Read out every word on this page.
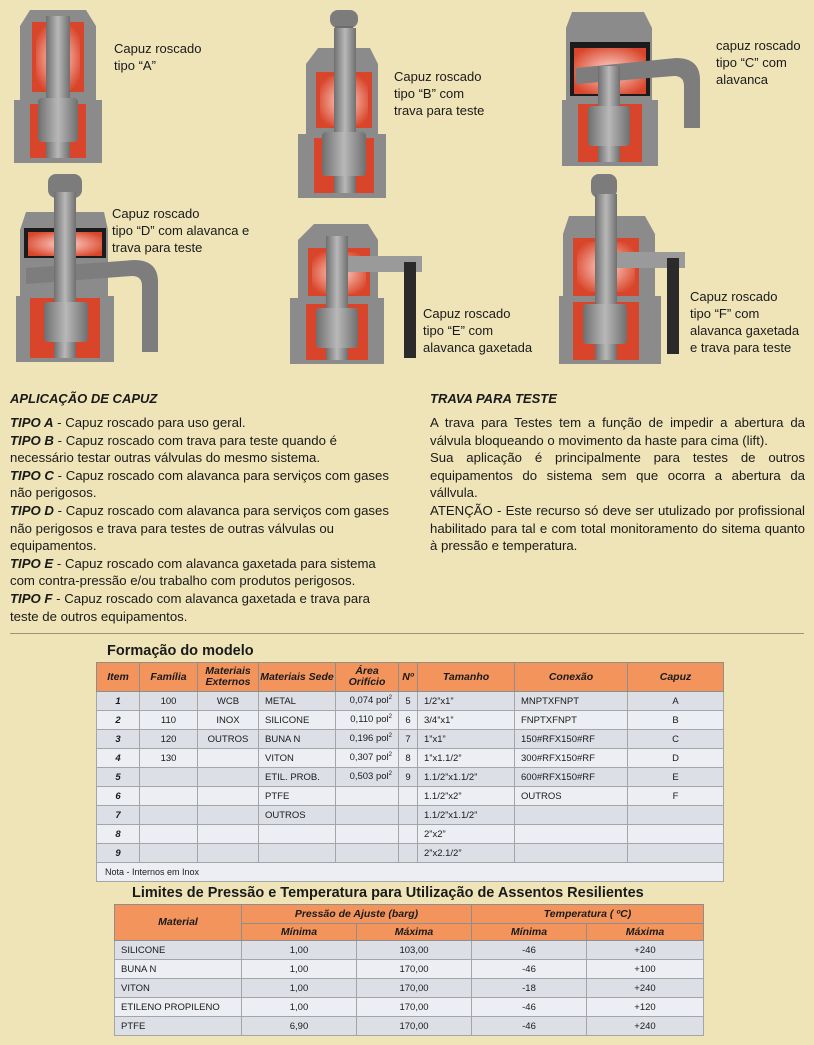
Capuz roscado
tipo “A”
Capuz roscado
tipo “B” com
trava para teste
capuz roscado
tipo “C” com
alavanca
Capuz roscado
tipo “D” com alavanca e
trava para teste
Capuz roscado
tipo “E” com
alavanca gaxetada
Capuz roscado
tipo “F” com
alavanca gaxetada
e trava para teste
APLICAÇÃO DE CAPUZ

TIPO A - Capuz roscado para uso geral.

TIPO B - Capuz roscado com trava para teste quando é necessário testar outras válvulas do mesmo sistema.

TIPO C - Capuz roscado com alavanca para serviços com gases não perigosos.

TIPO D - Capuz roscado com alavanca para serviços com gases não perigosos e trava para testes de outras válvulas ou equipamentos.

TIPO E - Capuz roscado com alavanca gaxetada para sistema com contra-pressão e/ou trabalho com produtos perigosos.

TIPO F - Capuz roscado com alavanca gaxetada e trava para teste de outros equipamentos.

TRAVA PARA TESTE

A trava para Testes tem a função de impedir a abertura da válvula bloqueando o movimento da haste para cima (lift).

Sua aplicação é principalmente para testes de outros equipamentos do sistema sem que ocorra a abertura da vállvula.

ATENÇÃO - Este recurso só deve ser utulizado por profissional habilitado para tal e com total monitoramento do sitema quanto à pressão e temperatura.

Formação do modelo
Item	Família	Materiais Externos	Materiais Sede	Área Orifício	Nº	Tamanho	Conexão	Capuz
1	100	WCB	METAL	0,074 pol$^2$	5	1/2”x1”	MNPTXFNPT	A
2	110	INOX	SILICONE	0,110 pol$^2$	6	3/4”x1”	FNPTXFNPT	B
3	120	OUTROS	BUNA N	0,196 pol$^2$	7	1”x1”	150#RFX150#RF	C
4	130		VITON	0,307 pol$^2$	8	1”x1.1/2”	300#RFX150#RF	D
5			ETIL. PROB.	0,503 pol$^2$	9	1.1/2”x1.1/2”	600#RFX150#RF	E
6			PTFE			1.1/2”x2”	OUTROS	F
7			OUTROS			1.1/2”x1.1/2”		
8						2”x2”		
9						2”x2.1/2”		
Nota - Internos em Inox								
Limites de Pressão e Temperatura para Utilização de Assentos Resilientes
Material	Pressão de Ajuste (barg)		Temperatura ( ºC)	
	Mínima	Máxima	Mínima	Máxima
SILICONE	1,00	103,00	-46	+240
BUNA N	1,00	170,00	-46	+100
VITON	1,00	170,00	-18	+240
ETILENO PROPILENO	1,00	170,00	-46	+120
PTFE	6,90	170,00	-46	+240
